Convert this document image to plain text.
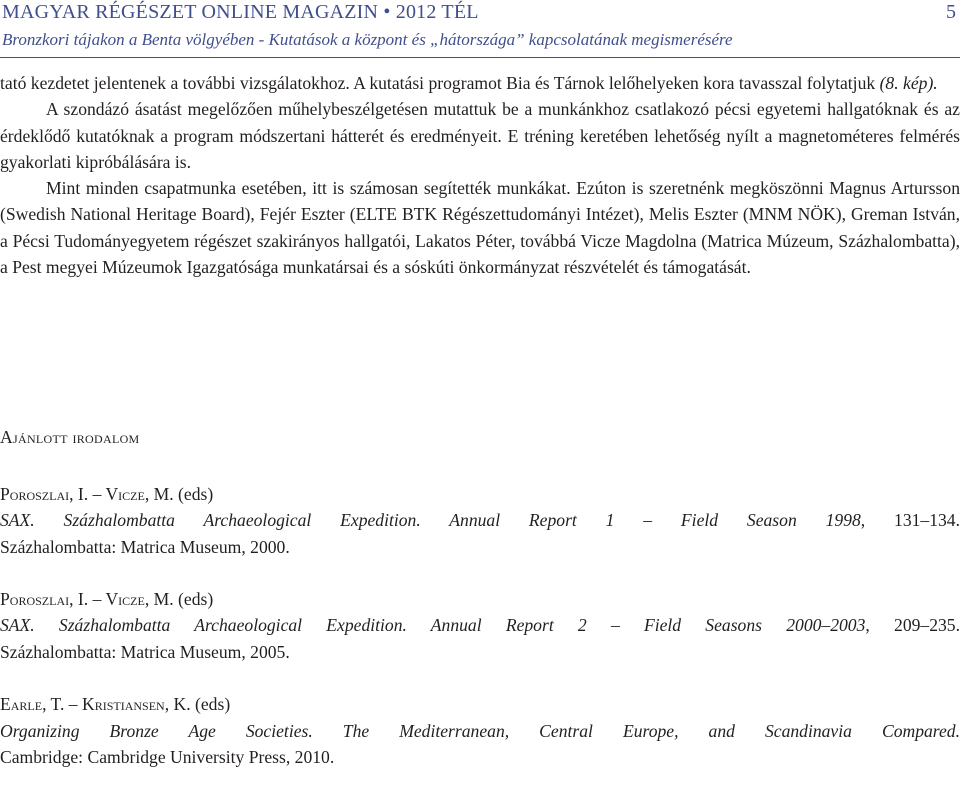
MAGYAR RÉGÉSZET ONLINE MAGAZIN • 2012 TÉL	5
Bronzkori tájakon a Benta völgyében - Kutatások a központ és „hátországa” kapcsolatának megismerésére

tató kezdetet jelentenek a további vizsgálatokhoz. A kutatási programot Bia és Tárnok lelőhelyeken kora tavasszal folytatjuk (8. kép).

A szondázó ásatást megelőzően műhelybeszélgetésen mutattuk be a munkánkhoz csatlakozó pécsi egyetemi hallgatóknak és az érdeklődő kutatóknak a program módszertani hátterét és eredményeit. E tréning keretében lehetőség nyílt a magnetométeres felmérés gyakorlati kipróbálására is.

Mint minden csapatmunka esetében, itt is számosan segítették munkákat. Ezúton is szeretnénk megköszönni Magnus Artursson (Swedish National Heritage Board), Fejér Eszter (ELTE BTK Régészettudományi Intézet), Melis Eszter (MNM NÖK), Greman István, a Pécsi Tudományegyetem régészet szakirányos hallgatói, Lakatos Péter, továbbá Vicze Magdolna (Matrica Múzeum, Százhalombatta), a Pest megyei Múzeumok Igazgatósága munkatársai és a sóskúti önkormányzat részvételét és támogatását.

Ajánlott irodalom
Poroszlai, I. – Vicze, M. (eds)
SAX. Százhalombatta Archaeological Expedition. Annual Report 1 – Field Season 1998, 131–134.
Százhalombatta: Matrica Museum, 2000.
Poroszlai, I. – Vicze, M. (eds)
SAX. Százhalombatta Archaeological Expedition. Annual Report 2 – Field Seasons 2000–2003, 209–235.
Százhalombatta: Matrica Museum, 2005.
Earle, T. – Kristiansen, K. (eds)
Organizing Bronze Age Societies. The Mediterranean, Central Europe, and Scandinavia Compared.
Cambridge: Cambridge University Press, 2010.
